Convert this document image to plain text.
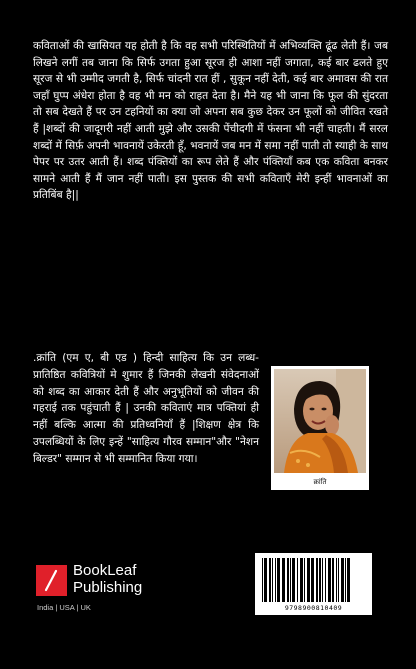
कविताओं की खासियत यह होती है कि वह सभी परिस्थितियों में अभिव्यक्ति ढूंढ लेती हैं। जब लिखने लगीं तब जाना कि सिर्फ उगता हुआ सूरज ही आशा नहीं जगाता, कई बार ढलते हुए सूरज से भी उम्मीद जगती है, सिर्फ चांदनी रात हीं , सुकून नहीं देती, कई बार अमावस की रात जहाँ घुप्प अंधेरा होता है वह भी मन को राहत देता है। मैने यह भी जाना कि फूल की सुंदरता तो सब देखते हैं पर उन टहनियों का क्या जो अपना सब कुछ देकर उन फूलों को जीवित रखते हैं |शब्दों की जादूगरी नहीं आती मुझे और उसकी पेंचीदगी में फंसना भी नहीं चाहती। मैं सरल शब्दों में सिर्फ़ अपनी भावनायें उकेरती हूँ, भवनायें जब मन में समा नहीं पाती तो स्याही के साथ पेपर पर उतर आती हैं। शब्द पंक्तियों का रूप लेते हैं और पंक्तियाँ कब एक कविता बनकर सामने आती हैं मैं जान नहीं पाती। इस पुस्तक की सभी कविताएँ मेरी इन्हीं भावनाओं का प्रतिबिंब है||

.क्रांति (एम ए, बी एड ) हिन्दी साहित्य कि उन लब्ध-प्रातिष्ठित कवित्रियों मे शुमार हैं जिनकी लेखनी संवेदनाओं को शब्द का आकार देती हैं और अनुभूतियों को जीवन की गहराई तक पहुंचाती हैं | उनकी कविताएं मात्र पक्तियां ही नहीं बल्कि आत्मा की प्रतिध्वनियाँ हैं |शिक्षण क्षेत्र कि उपलब्धियों के लिए इन्हें "साहित्य गौरव सम्मान"और "नेशन बिल्डर" सम्मान से भी सम्मानित किया गया।

क्रांति
BookLeaf
Publishing
India | USA | UK	9798900810409
